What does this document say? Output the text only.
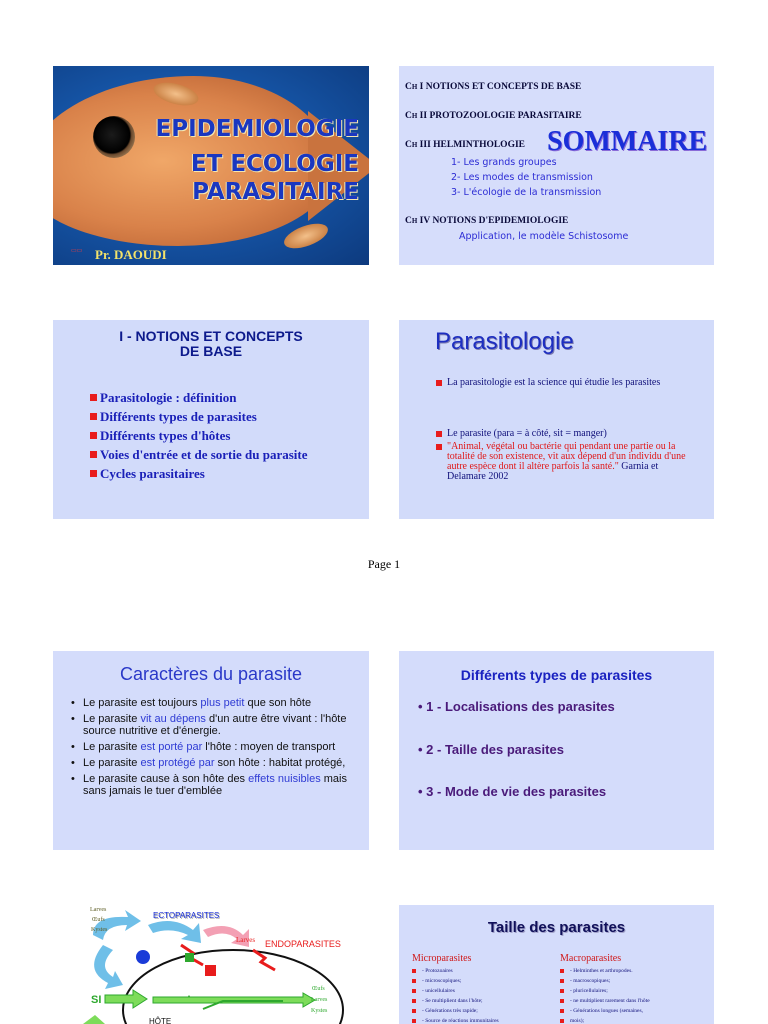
EPIDEMIOLOGIE
ET ECOLOGIE
PARASITAIRE
▭▭ Pr. DAOUDI
Ch I NOTIONS ET CONCEPTS DE BASE
Ch II PROTOZOOLOGIE PARASITAIRE
Ch III HELMINTHOLOGIE SOMMAIRE
1- Les grands groupes
2- Les modes de transmission
3- L'écologie de la transmission
Ch IV NOTIONS D'EPIDEMIOLOGIE
Application, le modèle Schistosome
I - NOTIONS ET CONCEPTS
DE BASE
Parasitologie : définition
Différents types de parasites
Différents types d'hôtes
Voies d'entrée et de sortie du parasite
Cycles parasitaires
Parasitologie
La parasitologie est la science qui étudie les parasites
Le parasite (para = à côté, sit = manger)
"Animal, végétal ou bactérie qui pendant une partie ou la totalité de son existence, vit aux dépend d'un individu d'une autre espèce dont il altère parfois la santé." Garnia et Delamare 2002
Page 1
Caractères du parasite
• Le parasite est toujours plus petit que son hôte
• Le parasite vit au dépens d'un autre être vivant : l'hôte source nutritive et d'énergie.
• Le parasite est porté par l'hôte : moyen de transport
• Le parasite est protégé par son hôte : habitat protégé,
• Le parasite cause à son hôte des effets nuisibles mais sans jamais le tuer d'emblée
Différents types de parasites
• 1 - Localisations des parasites
• 2 - Taille des parasites
• 3 - Mode de vie des parasites
Larves
Œufs
Kystes
ECTOPARASITES
ENDOPARASITES
Larves
Œufs
Larves
Kystes
SI
HÔTE
Taille des parasites
Microparasites	Macroparasites
- Protozoaires
- microscopiques;
- unicellulaires
- Se multiplient dans l'hôte;
- Générations très rapide;
- Source de réactions immunitaires
- Helminthes et arthropodes.
- macroscopiques;
- pluricellulaires;
- ne multiplient rarement dans l'hôte
- Générations longues (semaines,
mois);
